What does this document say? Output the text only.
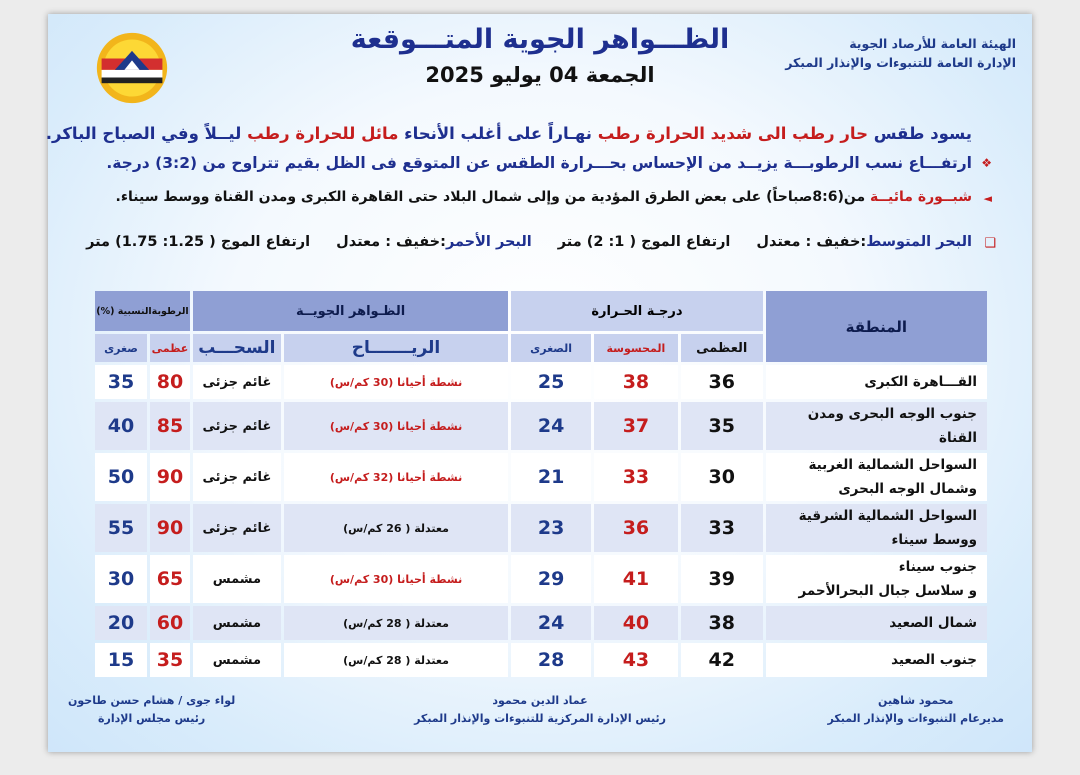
الهيئة العامة للأرصاد الجوية
الإدارة العامة للتنبوءات والإنذار المبكر
الظـــواهر الجوية المتـــوقعة
الجمعة 04 يوليو 2025
يسود طقس حار رطب الى شديد الحرارة رطب نهـاراً على أغلب الأنحاء مائل للحرارة رطب ليــلاً وفي الصباح الباكر.
❖
ارتفـــاع نسب الرطوبـــة يزيــد من الإحساس بحـــرارة الطقس عن المتوقع فى الظل بقيم تتراوح من (3:2) درجة.
◄
شبــورة مائيــة من(8:6صباحاً) على بعض الطرق المؤدية من وإلى شمال البلاد حتى القاهرة الكبرى ومدن القناة ووسط سيناء.
❑
البحر المتوسط:خفيف : معتدلارتفاع الموج ( 1: 2) مترالبحر الأحمر:خفيف : معتدلارتفاع الموج ( 1.25: 1.75) متر
المنطقة	درجـة الحـرارة			الظـواهر الجويــة		الرطوبةالنسبية (%)	
	العظمى	المحسوسة	الصغرى	الريـــــــاح	السحـــب	عظمى	صغرى

القـــاهرة الكبرى	36	38	25	نشطة أحيانا (30 كم/س)	غائم جزئى	80	35

جنوب الوجه البحرى ومدن القناة	35	37	24	نشطة أحيانا (30 كم/س)	غائم جزئى	85	40

السواحل الشمالية الغربية
وشمال الوجه البحرى	30	33	21	نشطة أحيانا (32 كم/س)	غائم جزئى	90	50

السواحل الشمالية الشرقية
ووسط سيناء	33	36	23	معتدلة ( 26 كم/س)	غائم جزئى	90	55

جنوب سيناء
و سلاسل جبال البحرالأحمر	39	41	29	نشطة أحيانا (30 كم/س)	مشمس	65	30

شمال الصعيد	38	40	24	معتدلة ( 28 كم/س)	مشمس	60	20

جنوب الصعيد	42	43	28	معتدلة ( 28 كم/س)	مشمس	35	15
محمود شاهين
مديرعام التنبوءات والإنذار المبكر
عماد الدين محمود
رئيس الإدارة المركزية للتنبوءات والإنذار المبكر
لواء جوى / هشام حسن طاحون
رئيس مجلس الإدارة
